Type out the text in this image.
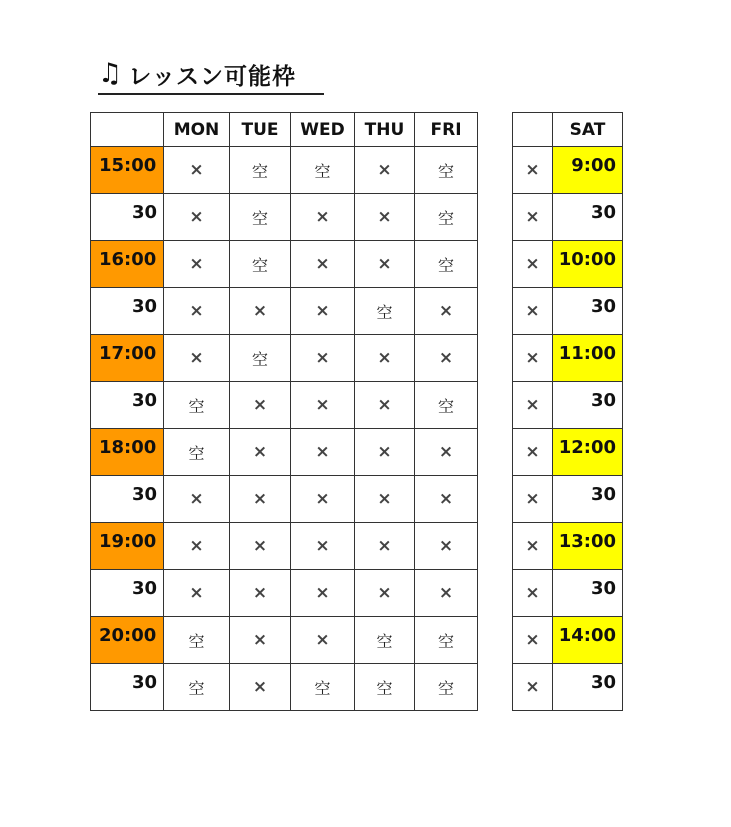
♫ レッスン可能枠
	MON	TUE	WED	THU	FRI

15:00	×	空	空	×	空

30	×	空	×	×	空

16:00	×	空	×	×	空

30	×	×	×	空	×

17:00	×	空	×	×	×

30	空	×	×	×	空

18:00	空	×	×	×	×

30	×	×	×	×	×

19:00	×	×	×	×	×

30	×	×	×	×	×

20:00	空	×	×	空	空

30	空	×	空	空	空
	SAT
×	9:00

×	30

×	10:00

×	30

×	11:00

×	30

×	12:00

×	30

×	13:00

×	30

×	14:00

×	30
